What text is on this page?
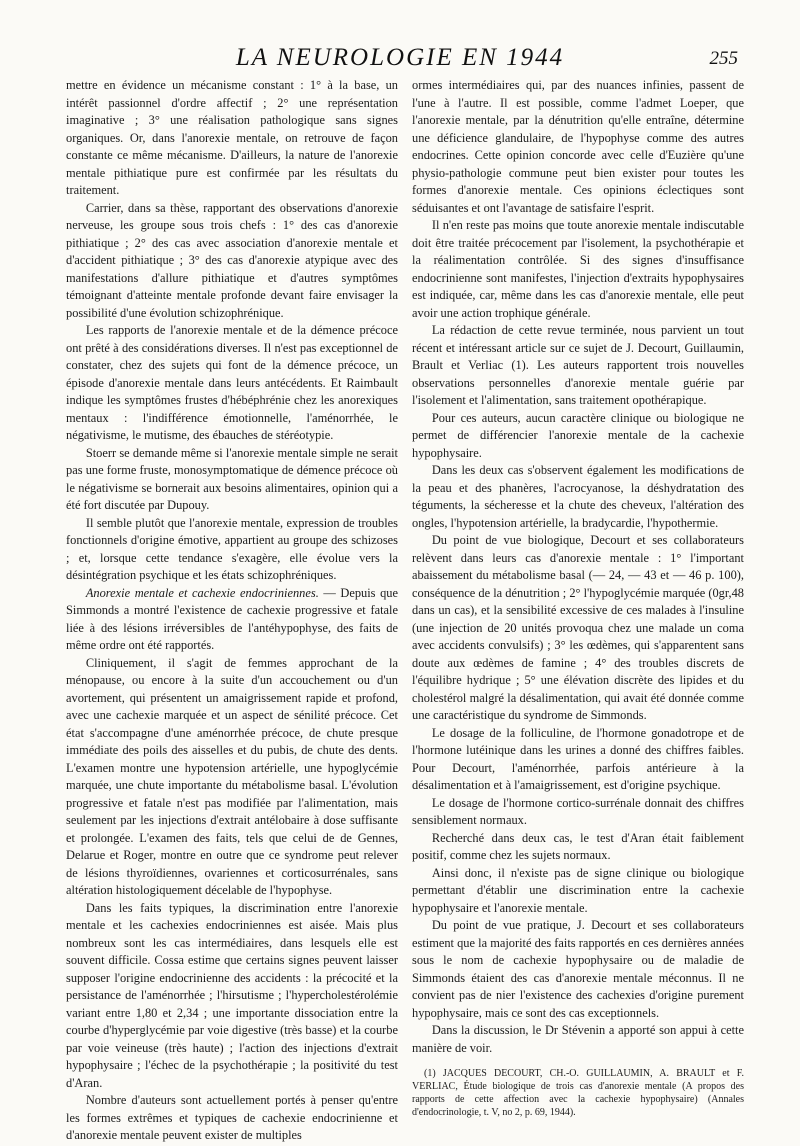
LA NEUROLOGIE EN 1944	255

mettre en évidence un mécanisme constant : 1° à la base, un intérêt passionnel d'ordre affectif ; 2° une représentation imaginative ; 3° une réalisation pathologique sans signes organiques. Or, dans l'anorexie mentale, on retrouve de façon constante ce même mécanisme. D'ailleurs, la nature de l'anorexie mentale pithiatique pure est confirmée par les résultats du traitement.

Carrier, dans sa thèse, rapportant des observations d'anorexie nerveuse, les groupe sous trois chefs : 1° des cas d'anorexie pithiatique ; 2° des cas avec association d'anorexie mentale et d'accident pithiatique ; 3° des cas d'anorexie atypique avec des manifestations d'allure pithiatique et d'autres symptômes témoignant d'atteinte mentale profonde devant faire envisager la possibilité d'une évolution schizophrénique.

Les rapports de l'anorexie mentale et de la démence précoce ont prêté à des considérations diverses. Il n'est pas exceptionnel de constater, chez des sujets qui font de la démence précoce, un épisode d'anorexie mentale dans leurs antécédents. Et Raimbault indique les symptômes frustes d'hébéphrénie chez les anorexiques mentaux : l'indifférence émotionnelle, l'aménorrhée, le négativisme, le mutisme, des ébauches de stéréotypie.

Stoerr se demande même si l'anorexie mentale simple ne serait pas une forme fruste, monosymptomatique de démence précoce où le négativisme se bornerait aux besoins alimentaires, opinion qui a été fort discutée par Dupouy.

Il semble plutôt que l'anorexie mentale, expression de troubles fonctionnels d'origine émotive, appartient au groupe des schizoses ; et, lorsque cette tendance s'exagère, elle évolue vers la désintégration psychique et les états schizophréniques.

Anorexie mentale et cachexie endocriniennes. — Depuis que Simmonds a montré l'existence de cachexie progressive et fatale liée à des lésions irréversibles de l'antéhypophyse, des faits de même ordre ont été rapportés.

Cliniquement, il s'agit de femmes approchant de la ménopause, ou encore à la suite d'un accouchement ou d'un avortement, qui présentent un amaigrissement rapide et profond, avec une cachexie marquée et un aspect de sénilité précoce. Cet état s'accompagne d'une aménorrhée précoce, de chute presque immédiate des poils des aisselles et du pubis, de chute des dents. L'examen montre une hypotension artérielle, une hypoglycémie marquée, une chute importante du métabolisme basal. L'évolution progressive et fatale n'est pas modifiée par l'alimentation, mais seulement par les injections d'extrait antélobaire à dose suffisante et prolongée. L'examen des faits, tels que celui de de Gennes, Delarue et Roger, montre en outre que ce syndrome peut relever de lésions thyroïdiennes, ovariennes et corticosurrénales, sans altération histologiquement décelable de l'hypophyse.

Dans les faits typiques, la discrimination entre l'anorexie mentale et les cachexies endocriniennes est aisée. Mais plus nombreux sont les cas intermédiaires, dans lesquels elle est souvent difficile. Cossa estime que certains signes peuvent laisser supposer l'origine endocrinienne des accidents : la précocité et la persistance de l'aménorrhée ; l'hirsutisme ; l'hypercholestérolémie variant entre 1,80 et 2,34 ; une importante dissociation entre la courbe d'hyperglycémie par voie digestive (très basse) et la courbe par voie veineuse (très haute) ; l'action des injections d'extrait hypophysaire ; l'échec de la psychothérapie ; la positivité du test d'Aran.

Nombre d'auteurs sont actuellement portés à penser qu'entre les formes extrêmes et typiques de cachexie endocrinienne et d'anorexie mentale peuvent exister de multiples

ormes intermédiaires qui, par des nuances infinies, passent de l'une à l'autre. Il est possible, comme l'admet Loeper, que l'anorexie mentale, par la dénutrition qu'elle entraîne, détermine une déficience glandulaire, de l'hypophyse comme des autres endocrines. Cette opinion concorde avec celle d'Euzière qu'une physio-pathologie commune peut bien exister pour toutes les formes d'anorexie mentale. Ces opinions éclectiques sont séduisantes et ont l'avantage de satisfaire l'esprit.

Il n'en reste pas moins que toute anorexie mentale indiscutable doit être traitée précocement par l'isolement, la psychothérapie et la réalimentation contrôlée. Si des signes d'insuffisance endocrinienne sont manifestes, l'injection d'extraits hypophysaires est indiquée, car, même dans les cas d'anorexie mentale, elle peut avoir une action trophique générale.

La rédaction de cette revue terminée, nous parvient un tout récent et intéressant article sur ce sujet de J. Decourt, Guillaumin, Brault et Verliac (1). Les auteurs rapportent trois nouvelles observations personnelles d'anorexie mentale guérie par l'isolement et l'alimentation, sans traitement opothérapique.

Pour ces auteurs, aucun caractère clinique ou biologique ne permet de différencier l'anorexie mentale de la cachexie hypophysaire.

Dans les deux cas s'observent également les modifications de la peau et des phanères, l'acrocyanose, la déshydratation des téguments, la sécheresse et la chute des cheveux, l'altération des ongles, l'hypotension artérielle, la bradycardie, l'hypothermie.

Du point de vue biologique, Decourt et ses collaborateurs relèvent dans leurs cas d'anorexie mentale : 1° l'important abaissement du métabolisme basal (— 24, — 43 et — 46 p. 100), conséquence de la dénutrition ; 2° l'hypoglycémie marquée (0gr,48 dans un cas), et la sensibilité excessive de ces malades à l'insuline (une injection de 20 unités provoqua chez une malade un coma avec accidents convulsifs) ; 3° les œdèmes, qui s'apparentent sans doute aux œdèmes de famine ; 4° des troubles discrets de l'équilibre hydrique ; 5° une élévation discrète des lipides et du cholestérol malgré la désalimentation, qui avait été donnée comme une caractéristique du syndrome de Simmonds.

Le dosage de la folliculine, de l'hormone gonadotrope et de l'hormone lutéinique dans les urines a donné des chiffres faibles. Pour Decourt, l'aménorrhée, parfois antérieure à la désalimentation et à l'amaigrissement, est d'origine psychique.

Le dosage de l'hormone cortico-surrénale donnait des chiffres sensiblement normaux.

Recherché dans deux cas, le test d'Aran était faiblement positif, comme chez les sujets normaux.

Ainsi donc, il n'existe pas de signe clinique ou biologique permettant d'établir une discrimination entre la cachexie hypophysaire et l'anorexie mentale.

Du point de vue pratique, J. Decourt et ses collaborateurs estiment que la majorité des faits rapportés en ces dernières années sous le nom de cachexie hypophysaire ou de maladie de Simmonds étaient des cas d'anorexie mentale méconnus. Il ne convient pas de nier l'existence des cachexies d'origine purement hypophysaire, mais ce sont des cas exceptionnels.

Dans la discussion, le Dr Stévenin a apporté son appui à cette manière de voir.

(1) JACQUES DECOURT, CH.-O. GUILLAUMIN, A. BRAULT et F. VERLIAC, Étude biologique de trois cas d'anorexie mentale (A propos des rapports de cette affection avec la cachexie hypophysaire) (Annales d'endocrinologie, t. V, no 2, p. 69, 1944).
